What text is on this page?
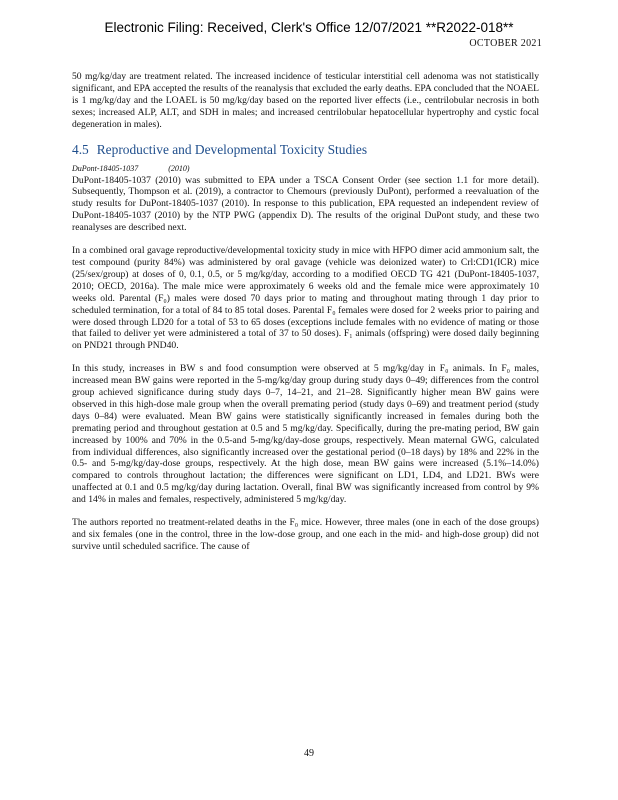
Electronic Filing: Received, Clerk's Office 12/07/2021 **R2022-018**
OCTOBER 2021

50 mg/kg/day are treatment related. The increased incidence of testicular interstitial cell adenoma was not statistically significant, and EPA accepted the results of the reanalysis that excluded the early deaths. EPA concluded that the NOAEL is 1 mg/kg/day and the LOAEL is 50 mg/kg/day based on the reported liver effects (i.e., centrilobular necrosis in both sexes; increased ALP, ALT, and SDH in males; and increased centrilobular hepatocellular hypertrophy and cystic focal degeneration in males).

4.5 Reproductive and Developmental Toxicity Studies
DuPont-18405-1037	(2010)

DuPont-18405-1037 (2010) was submitted to EPA under a TSCA Consent Order (see section 1.1 for more detail). Subsequently, Thompson et al. (2019), a contractor to Chemours (previously DuPont), performed a reevaluation of the study results for DuPont-18405-1037 (2010). In response to this publication, EPA requested an independent review of DuPont-18405-1037 (2010) by the NTP PWG (appendix D). The results of the original DuPont study, and these two reanalyses are described next.

In a combined oral gavage reproductive/developmental toxicity study in mice with HFPO dimer acid ammonium salt, the test compound (purity 84%) was administered by oral gavage (vehicle was deionized water) to Crl:CD1(ICR) mice (25/sex/group) at doses of 0, 0.1, 0.5, or 5 mg/kg/day, according to a modified OECD TG 421 (DuPont-18405-1037, 2010; OECD, 2016a). The male mice were approximately 6 weeks old and the female mice were approximately 10 weeks old. Parental (F₀) males were dosed 70 days prior to mating and throughout mating through 1 day prior to scheduled termination, for a total of 84 to 85 total doses. Parental F₀ females were dosed for 2 weeks prior to pairing and were dosed through LD20 for a total of 53 to 65 doses (exceptions include females with no evidence of mating or those that failed to deliver yet were administered a total of 37 to 50 doses). F₁ animals (offspring) were dosed daily beginning on PND21 through PND40.

In this study, increases in BW s and food consumption were observed at 5 mg/kg/day in F₀ animals. In F₀ males, increased mean BW gains were reported in the 5-mg/kg/day group during study days 0–49; differences from the control group achieved significance during study days 0–7, 14–21, and 21–28. Significantly higher mean BW gains were observed in this high-dose male group when the overall premating period (study days 0–69) and treatment period (study days 0–84) were evaluated. Mean BW gains were statistically significantly increased in females during both the premating period and throughout gestation at 0.5 and 5 mg/kg/day. Specifically, during the pre-mating period, BW gain increased by 100% and 70% in the 0.5-and 5-mg/kg/day-dose groups, respectively. Mean maternal GWG, calculated from individual differences, also significantly increased over the gestational period (0–18 days) by 18% and 22% in the 0.5- and 5-mg/kg/day-dose groups, respectively. At the high dose, mean BW gains were increased (5.1%–14.0%) compared to controls throughout lactation; the differences were significant on LD1, LD4, and LD21. BWs were unaffected at 0.1 and 0.5 mg/kg/day during lactation. Overall, final BW was significantly increased from control by 9% and 14% in males and females, respectively, administered 5 mg/kg/day.

The authors reported no treatment-related deaths in the F₀ mice. However, three males (one in each of the dose groups) and six females (one in the control, three in the low-dose group, and one each in the mid- and high-dose group) did not survive until scheduled sacrifice. The cause of

49
